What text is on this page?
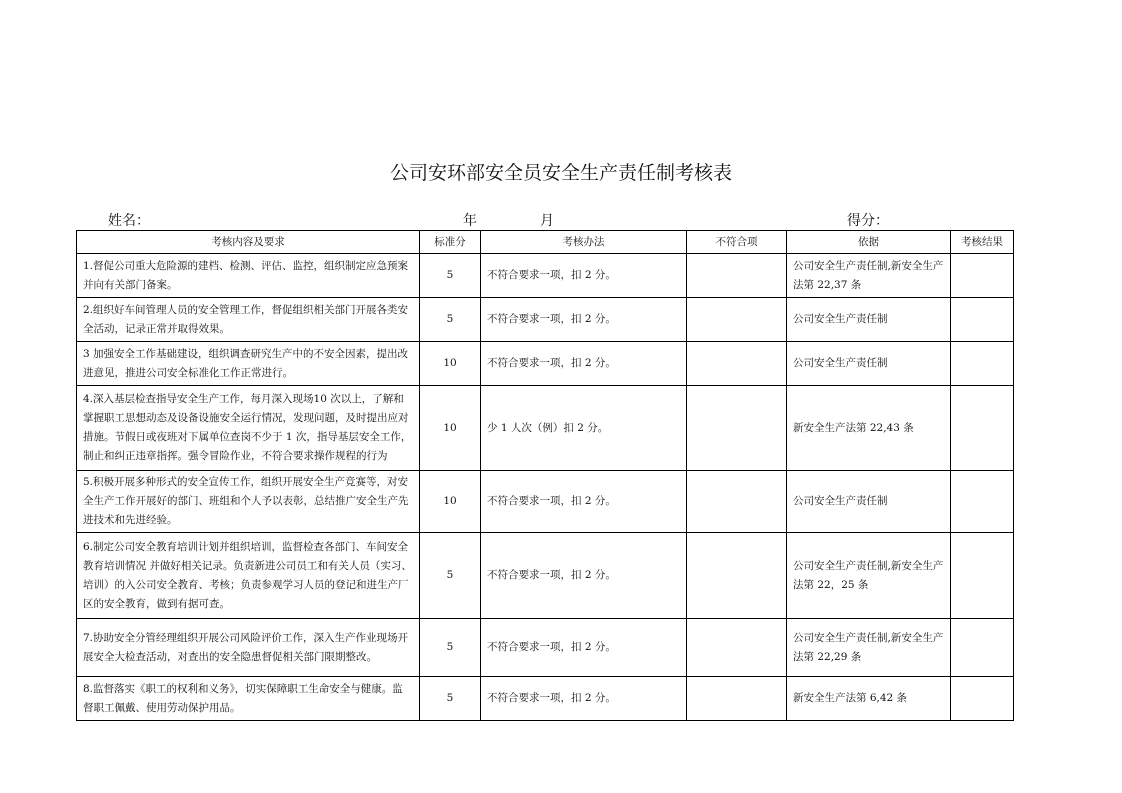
公司安环部安全员安全生产责任制考核表
姓名：	年	月	得分：
考核内容及要求	标准分	考核办法	不符合项	依据	考核结果
1.督促公司重大危险源的建档、检测、评估、监控，组织制定应急预案并向有关部门备案。	5	不符合要求一项，扣 2 分。		公司安全生产责任制,新安全生产法第 22,37 条	
2.组织好车间管理人员的安全管理工作，督促组织相关部门开展各类安全活动，记录正常并取得效果。	5	不符合要求一项，扣 2 分。		公司安全生产责任制	
3 加强安全工作基础建设，组织调查研究生产中的不安全因素，提出改进意见，推进公司安全标准化工作正常进行。	10	不符合要求一项，扣 2 分。		公司安全生产责任制	
4.深入基层检查指导安全生产工作，每月深入现场10 次以上，了解和掌握职工思想动态及设备设施安全运行情况，发现问题，及时提出应对措施。节假日或夜班对下属单位查岗不少于 1 次，指导基层安全工作，制止和纠正违章指挥。强令冒险作业，不符合要求操作规程的行为	10	少 1 人次（例）扣 2 分。		新安全生产法第 22,43 条	
5.积极开展多种形式的安全宣传工作，组织开展安全生产竞赛等，对安全生产工作开展好的部门、班组和个人予以表彰，总结推广安全生产先进技术和先进经验。	10	不符合要求一项，扣 2 分。		公司安全生产责任制	
6.制定公司安全教育培训计划并组织培训，监督检查各部门、车间安全教育培训情况 并做好相关记录。负责新进公司员工和有关人员（实习、培训）的入公司安全教育、考核；负责参观学习人员的登记和进生产厂区的安全教育，做到有据可查。	5	不符合要求一项，扣 2 分。		公司安全生产责任制,新安全生产法第 22，25 条	
7.协助安全分管经理组织开展公司风险评价工作，深入生产作业现场开展安全大检查活动，对查出的安全隐患督促相关部门限期整改。	5	不符合要求一项，扣 2 分。		公司安全生产责任制,新安全生产法第 22,29 条	
8.监督落实《职工的权利和义务》，切实保障职工生命安全与健康。监督职工佩戴、使用劳动保护用品。	5	不符合要求一项，扣 2 分。		新安全生产法第 6,42 条	
